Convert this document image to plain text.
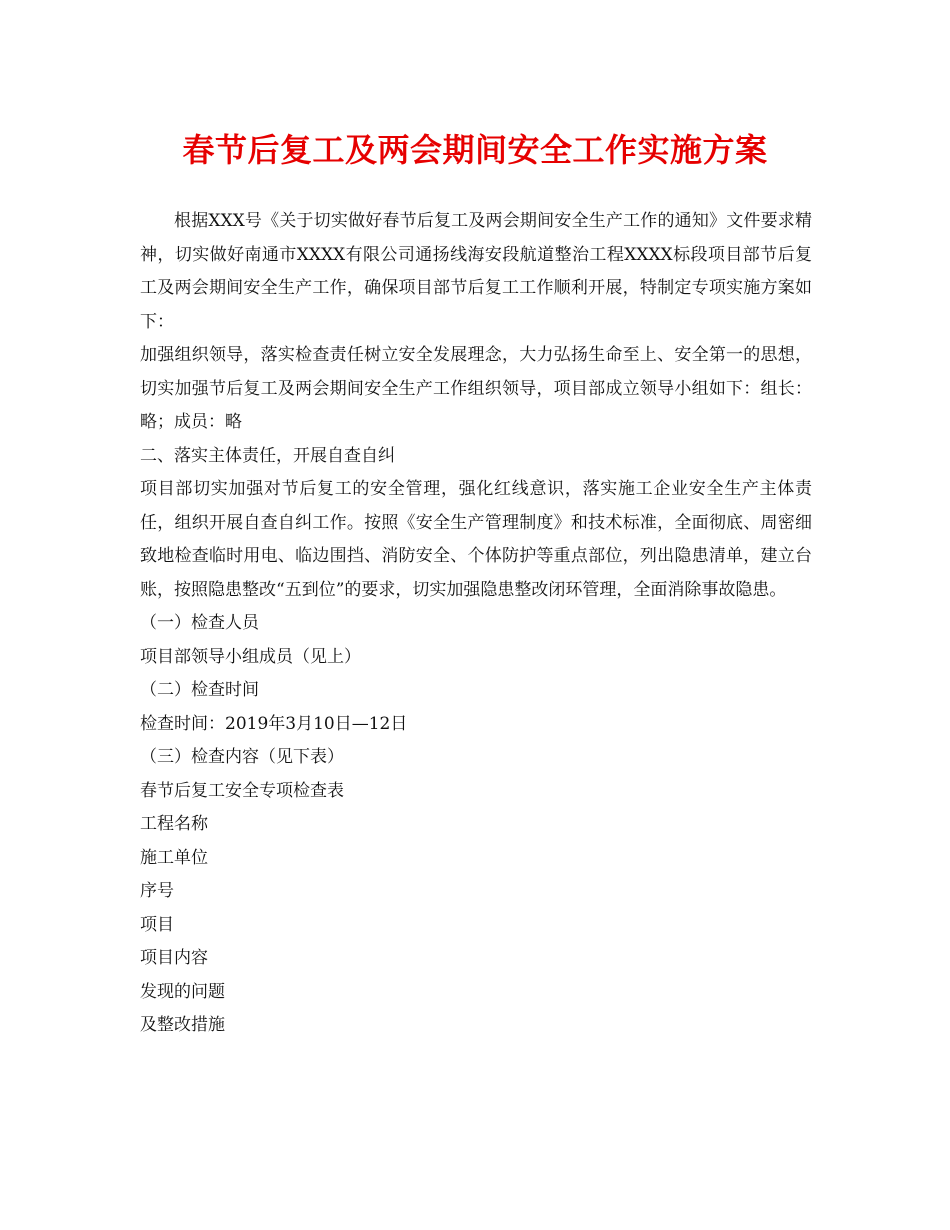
春节后复工及两会期间安全工作实施方案

根据XXX号《关于切实做好春节后复工及两会期间安全生产工作的通知》文件要求精神，切实做好南通市XXXX有限公司通扬线海安段航道整治工程XXXX标段项目部节后复工及两会期间安全生产工作，确保项目部节后复工工作顺利开展，特制定专项实施方案如下：

加强组织领导，落实检查责任树立安全发展理念，大力弘扬生命至上、安全第一的思想，切实加强节后复工及两会期间安全生产工作组织领导，项目部成立领导小组如下：组长：略；成员：略

二、落实主体责任，开展自查自纠

项目部切实加强对节后复工的安全管理，强化红线意识，落实施工企业安全生产主体责任，组织开展自查自纠工作。按照《安全生产管理制度》和技术标准，全面彻底、周密细致地检查临时用电、临边围挡、消防安全、个体防护等重点部位，列出隐患清单，建立台账，按照隐患整改“五到位”的要求，切实加强隐患整改闭环管理，全面消除事故隐患。

（一）检查人员

项目部领导小组成员（见上）

（二）检查时间

检查时间：2019年3月10日—12日

（三）检查内容（见下表）

春节后复工安全专项检查表

工程名称

施工单位

序号

项目

项目内容

发现的问题

及整改措施
